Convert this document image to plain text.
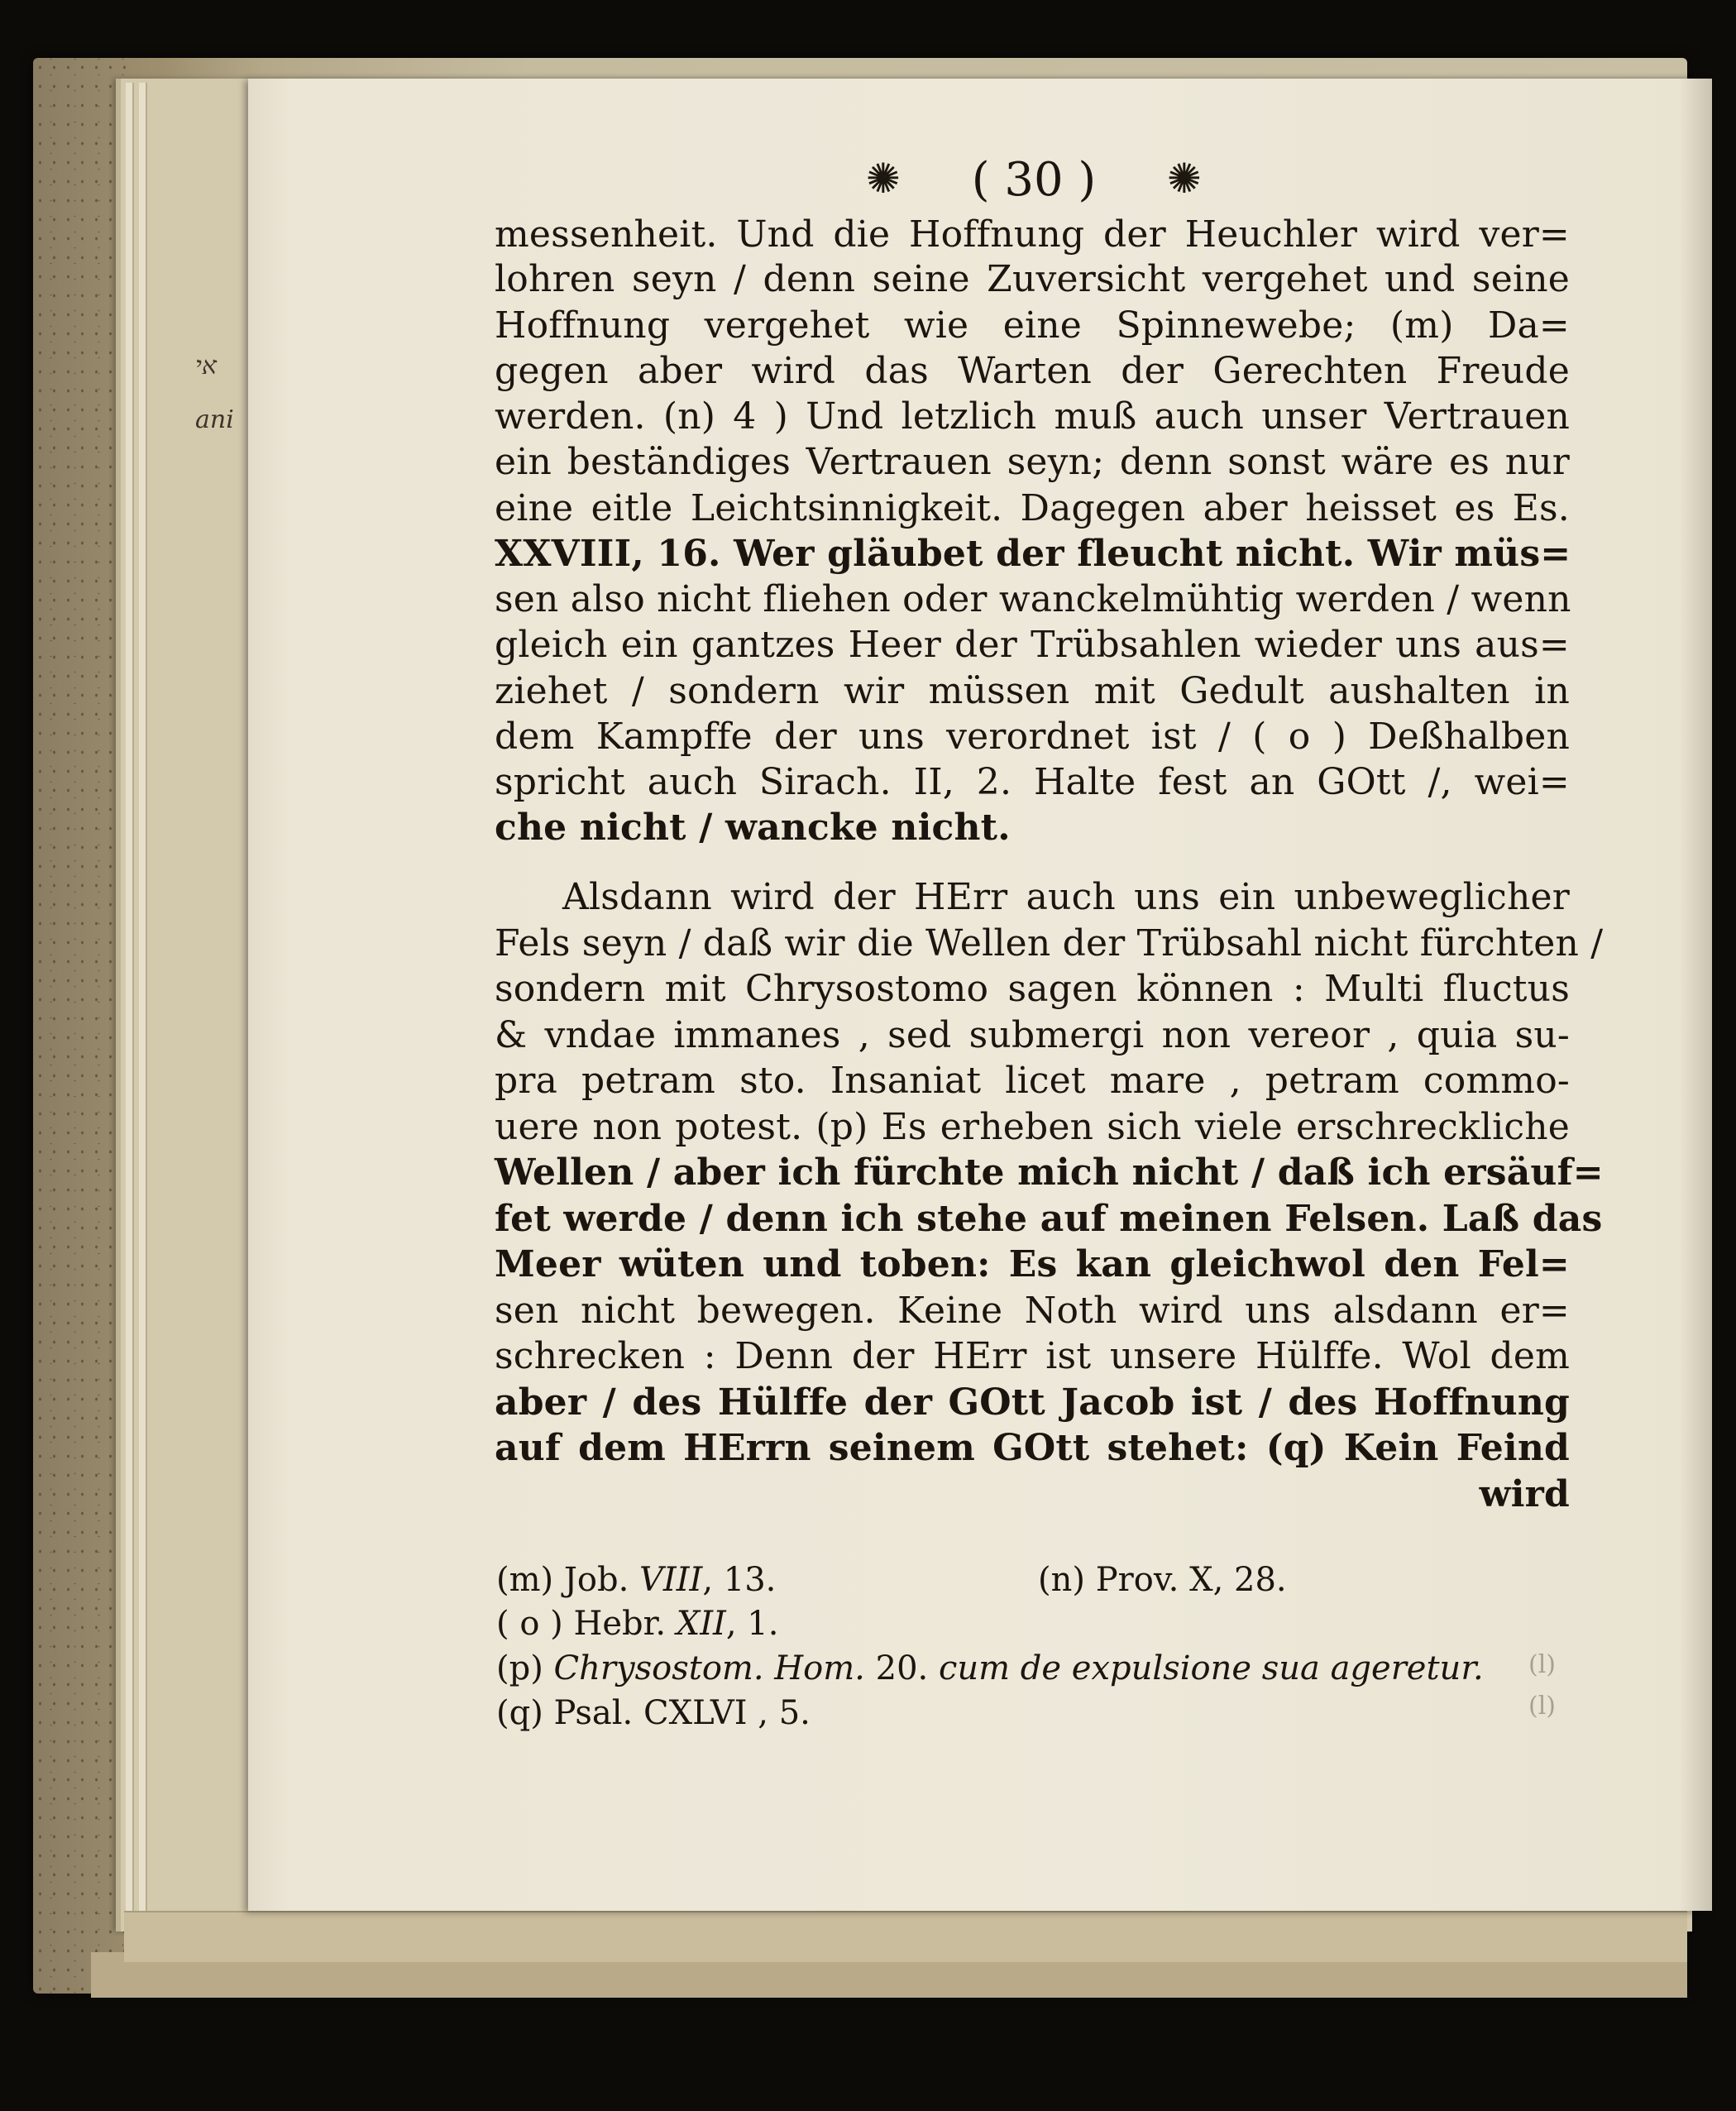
אי
ani
✺	( 30 )	✺
messenheit. Und die Hoffnung der Heuchler wird ver=
lohren seyn / denn seine Zuversicht vergehet und seine
Hoffnung vergehet wie eine Spinnewebe; (m) Da=
gegen aber wird das Warten der Gerechten Freude
werden. (n) 4 ) Und letzlich muß auch unser Vertrauen
ein beständiges Vertrauen seyn; denn sonst wäre es nur
eine eitle Leichtsinnigkeit. Dagegen aber heisset es Es.
XXVIII, 16. Wer gläubet der fleucht nicht. Wir müs=
sen also nicht fliehen oder wanckelmühtig werden / wenn
gleich ein gantzes Heer der Trübsahlen wieder uns aus=
ziehet / sondern wir müssen mit Gedult aushalten in
dem Kampffe der uns verordnet ist / ( o ) Deßhalben
spricht auch Sirach. II, 2. Halte fest an GOtt /, wei=
che nicht / wancke nicht.
Alsdann wird der HErr auch uns ein unbeweglicher
Fels seyn / daß wir die Wellen der Trübsahl nicht fürchten /
sondern mit Chrysostomo sagen können : Multi fluctus
& vndae immanes , sed submergi non vereor , quia su-
pra petram sto. Insaniat licet mare , petram commo-
uere non potest. (p) Es erheben sich viele erschreckliche
Wellen / aber ich fürchte mich nicht / daß ich ersäuf=
fet werde / denn ich stehe auf meinen Felsen. Laß das
Meer wüten und toben: Es kan gleichwol den Fel=
sen nicht bewegen. Keine Noth wird uns alsdann er=
schrecken : Denn der HErr ist unsere Hülffe. Wol dem
aber / des Hülffe der GOtt Jacob ist / des Hoffnung
auf dem HErrn seinem GOtt stehet: (q) Kein Feind
wird
(m) Job. VIII, 13.	(n) Prov. X, 28.
( o ) Hebr. XII, 1.
(p) Chrysostom. Hom. 20. cum de expulsione sua ageretur.
(q) Psal. CXLVI , 5.
(l)
(l)
